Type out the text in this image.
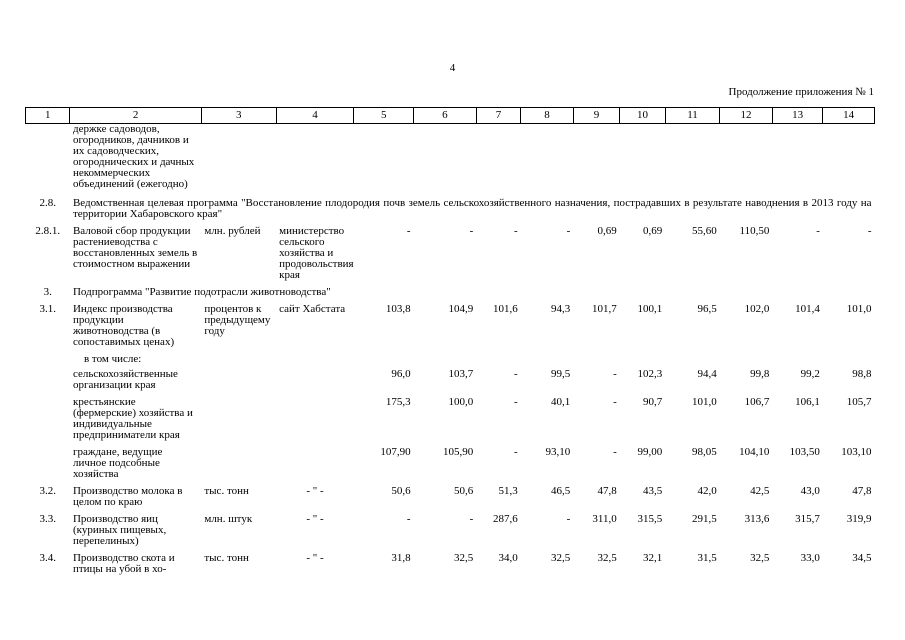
4
Продолжение приложения № 1
1	2	3	4	5	6	7	8	9	10	11	12	13	14
	держке садоводов, огородников, дачников и их садоводческих, огороднических и дачных некоммерческих объединений (ежегодно)												
2.8.	Ведомственная целевая программа "Восстановление плодородия почв земель сельскохозяйственного назначения, пострадавших в результате наводнения в 2013 году на территории Хабаровского края"												
2.8.1.	Валовой сбор продукции растениеводства с восстановленных земель в стоимостном выражении	млн. рублей	министерство сельского хозяйства и продовольствия края	-	-	-	-	0,69	0,69	55,60	110,50	-	-
3.	Подпрограмма "Развитие подотрасли животноводства"												
3.1.	Индекс производства продукции животноводства (в сопоставимых ценах)	процентов к предыдущему году	сайт Хабстата	103,8	104,9	101,6	94,3	101,7	100,1	96,5	102,0	101,4	101,0
	в том числе:												
	сельскохозяйственные организации края			96,0	103,7	-	99,5	-	102,3	94,4	99,8	99,2	98,8
	крестьянские (фермерские) хозяйства и индивидуальные предприниматели края			175,3	100,0	-	40,1	-	90,7	101,0	106,7	106,1	105,7
	граждане, ведущие личное подсобные хозяйства			107,90	105,90	-	93,10	-	99,00	98,05	104,10	103,50	103,10
3.2.	Производство молока в целом по краю	тыс. тонн	- " -	50,6	50,6	51,3	46,5	47,8	43,5	42,0	42,5	43,0	47,8
3.3.	Производство яиц (куриных пищевых, перепелиных)	млн. штук	- " -	-	-	287,6	-	311,0	315,5	291,5	313,6	315,7	319,9
3.4.	Производство скота и птицы на убой в хо-	тыс. тонн	- " -	31,8	32,5	34,0	32,5	32,5	32,1	31,5	32,5	33,0	34,5
